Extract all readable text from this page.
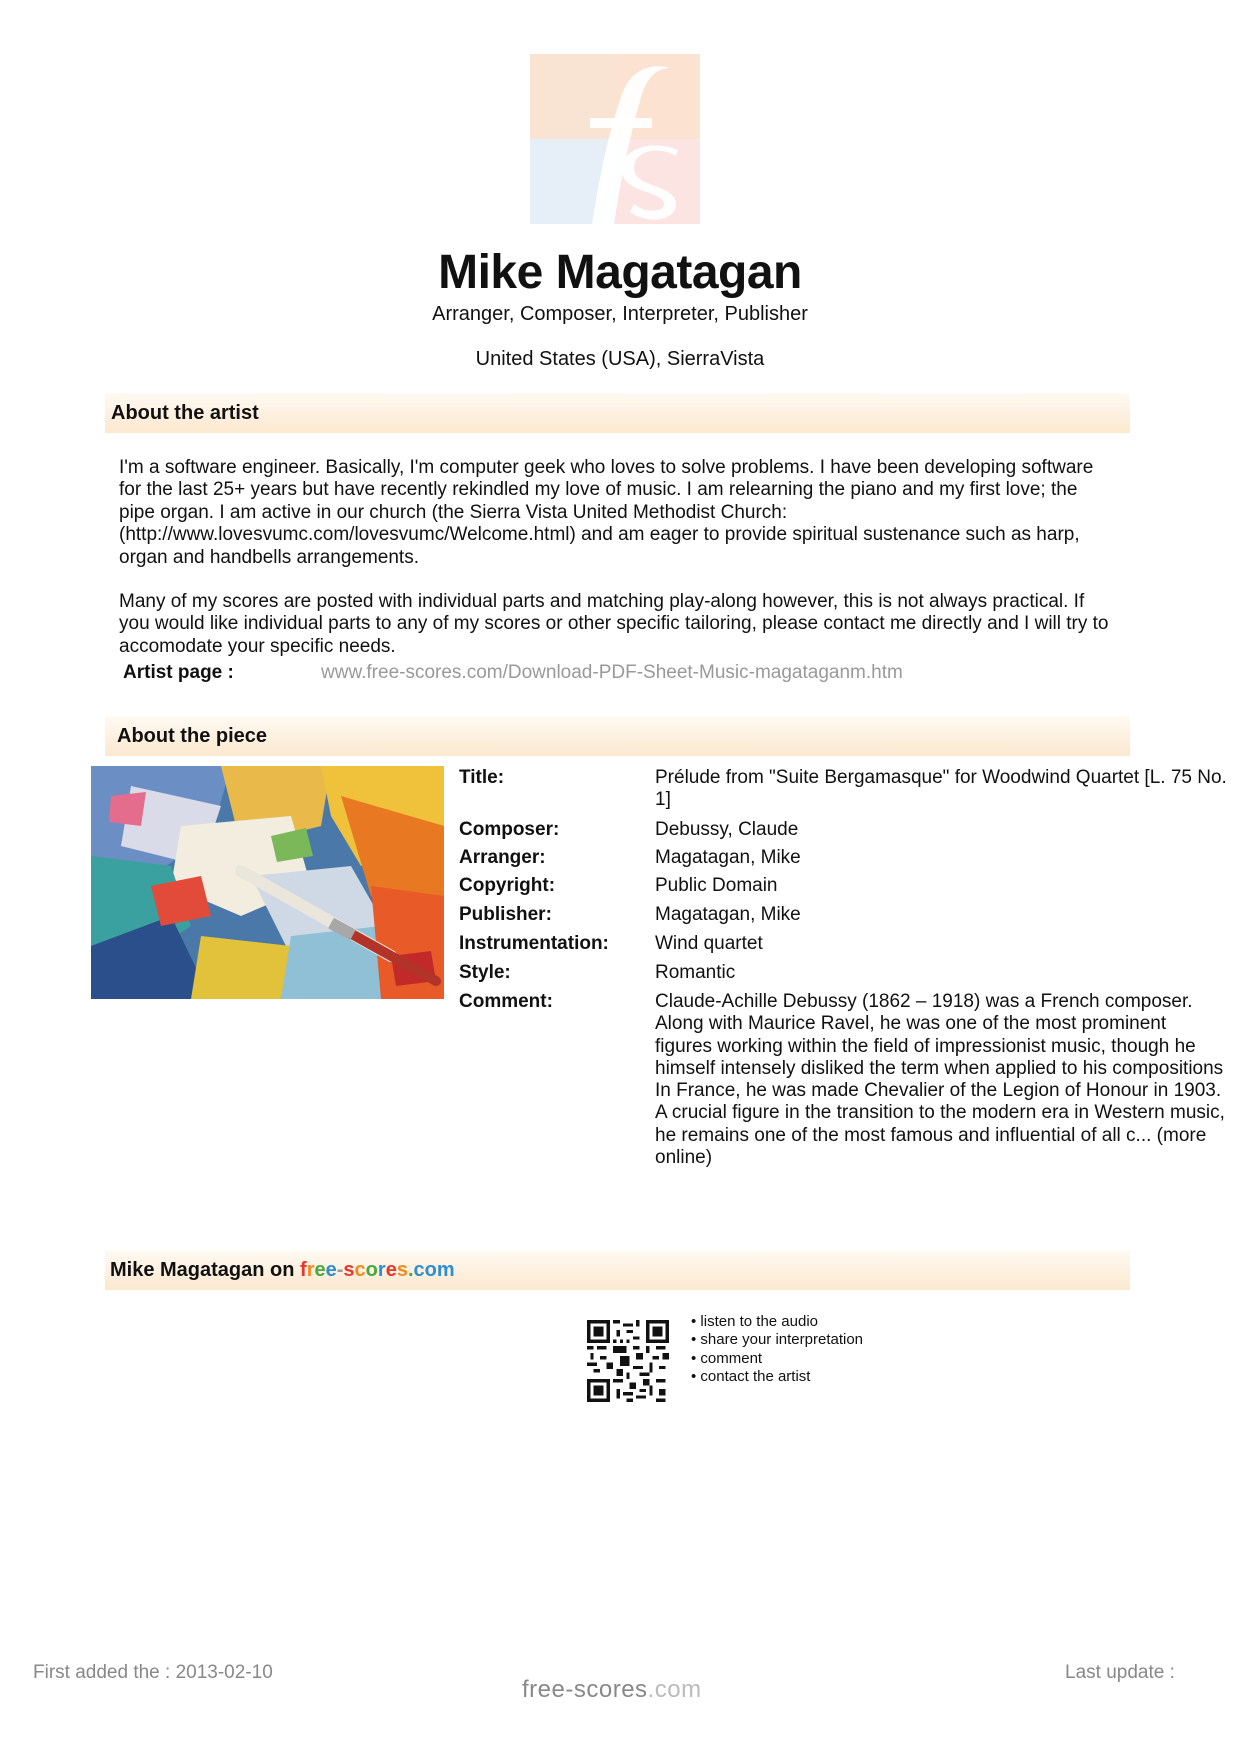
Mike Magatagan
Arranger, Composer, Interpreter, Publisher
United States (USA), SierraVista
About the artist
I'm a software engineer. Basically, I'm computer geek who loves to solve problems. I have been developing software for the last 25+ years but have recently rekindled my love of music. I am relearning the piano and my first love; the pipe organ. I am active in our church (the Sierra Vista United Methodist Church: (http://www.lovesvumc.com/lovesvumc/Welcome.html) and am eager to provide spiritual sustenance such as harp, organ and handbells arrangements.
Many of my scores are posted with individual parts and matching play-along however, this is not always practical. If you would like individual parts to any of my scores or other specific tailoring, please contact me directly and I will try to accomodate your specific needs.
Artist page :	www.free-scores.com/Download-PDF-Sheet-Music-magataganm.htm
About the piece
Title:	Prélude from "Suite Bergamasque" for Woodwind Quartet [L. 75 No. 1]
Composer:	Debussy, Claude
Arranger:	Magatagan, Mike
Copyright:	Public Domain
Publisher:	Magatagan, Mike
Instrumentation: Wind quartet
Style:	Romantic
Comment:	Claude-Achille Debussy (1862 – 1918) was a French composer. Along with Maurice Ravel, he was one of the most prominent figures working within the field of impressionist music, though he himself intensely disliked the term when applied to his compositions In France, he was made Chevalier of the Legion of Honour in 1903. A crucial figure in the transition to the modern era in Western music, he remains one of the most famous and influential of all c... (more online)
Mike Magatagan on free-scores.com
• listen to the audio
• share your interpretation
• comment
• contact the artist
First added the : 2013-02-10	Last update :
free-scores.com
